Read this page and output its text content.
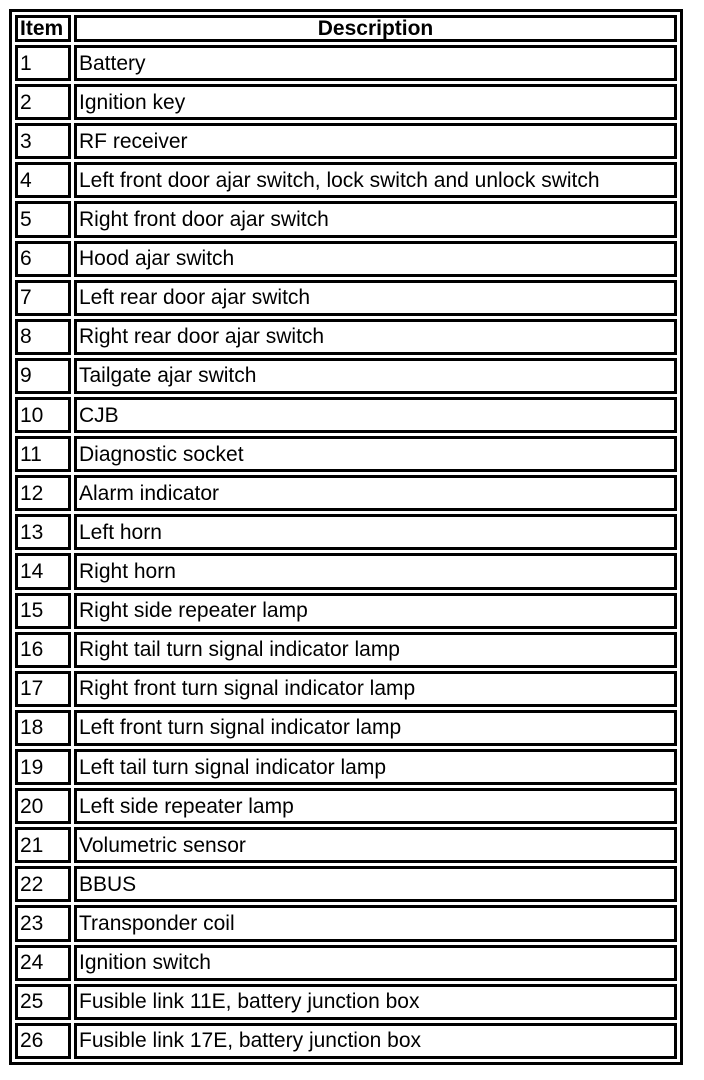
Item	Description
1	Battery
2	Ignition key
3	RF receiver
4	Left front door ajar switch, lock switch and unlock switch
5	Right front door ajar switch
6	Hood ajar switch
7	Left rear door ajar switch
8	Right rear door ajar switch
9	Tailgate ajar switch
10	CJB
11	Diagnostic socket
12	Alarm indicator
13	Left horn
14	Right horn
15	Right side repeater lamp
16	Right tail turn signal indicator lamp
17	Right front turn signal indicator lamp
18	Left front turn signal indicator lamp
19	Left tail turn signal indicator lamp
20	Left side repeater lamp
21	Volumetric sensor
22	BBUS
23	Transponder coil
24	Ignition switch
25	Fusible link 11E, battery junction box
26	Fusible link 17E, battery junction box
